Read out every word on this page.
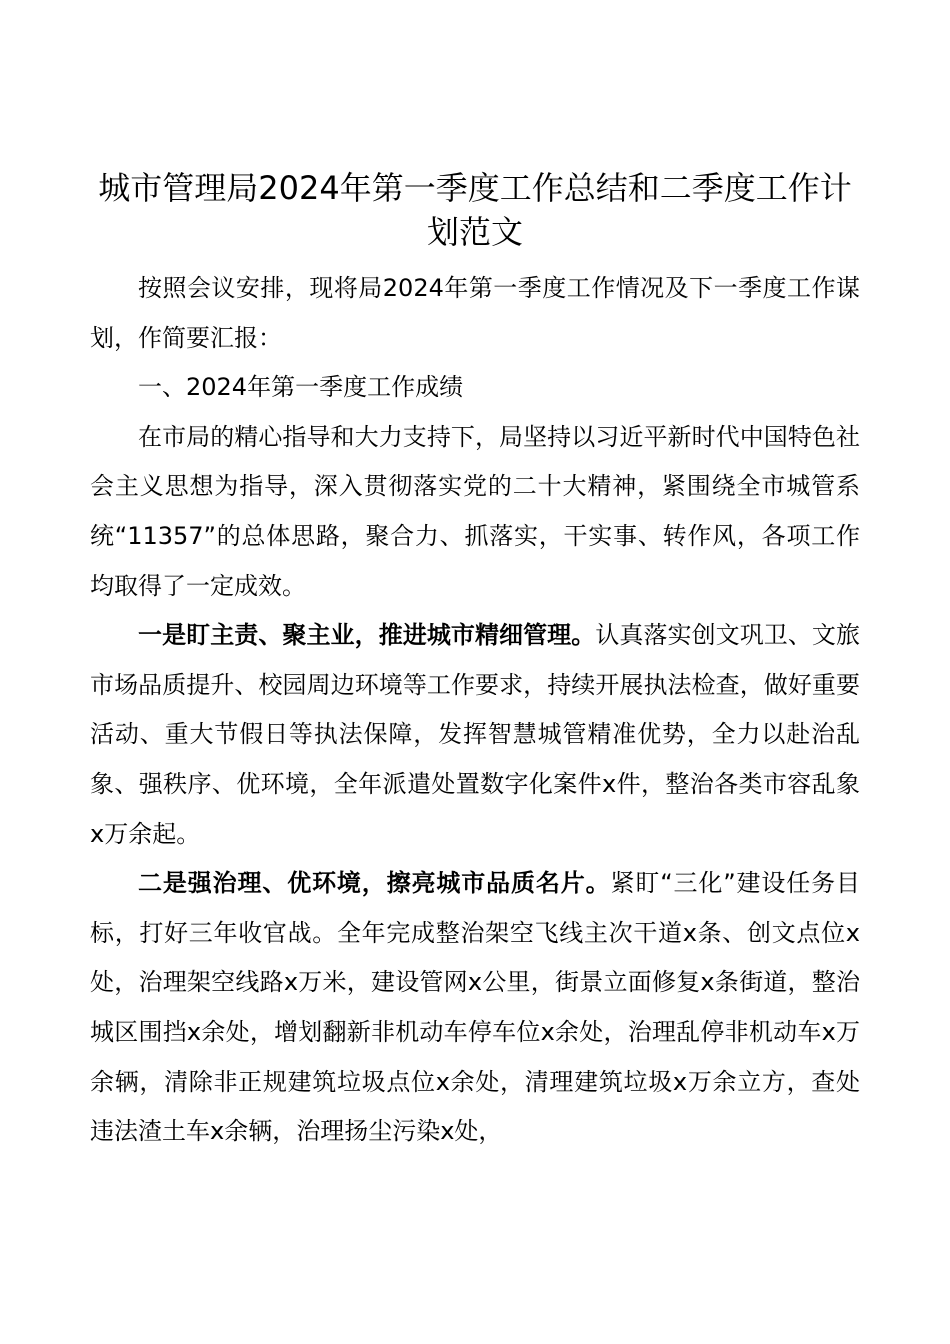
城市管理局2024年第一季度工作总结和二季度工作计划范文

按照会议安排，现将局2024年第一季度工作情况及下一季度工作谋划，作简要汇报：

一、2024年第一季度工作成绩

在市局的精心指导和大力支持下，局坚持以习近平新时代中国特色社会主义思想为指导，深入贯彻落实党的二十大精神，紧围绕全市城管系统“11357”的总体思路，聚合力、抓落实，干实事、转作风，各项工作均取得了一定成效。

一是盯主责、聚主业，推进城市精细管理。认真落实创文巩卫、文旅市场品质提升、校园周边环境等工作要求，持续开展执法检查，做好重要活动、重大节假日等执法保障，发挥智慧城管精准优势，全力以赴治乱象、强秩序、优环境，全年派遣处置数字化案件x件，整治各类市容乱象x万余起。

二是强治理、优环境，擦亮城市品质名片。紧盯“三化”建设任务目标，打好三年收官战。全年完成整治架空飞线主次干道x条、创文点位x处，治理架空线路x万米，建设管网x公里，街景立面修复x条街道，整治城区围挡x余处，增划翻新非机动车停车位x余处，治理乱停非机动车x万余辆，清除非正规建筑垃圾点位x余处，清理建筑垃圾x万余立方，查处违法渣土车x余辆，治理扬尘污染x处，
